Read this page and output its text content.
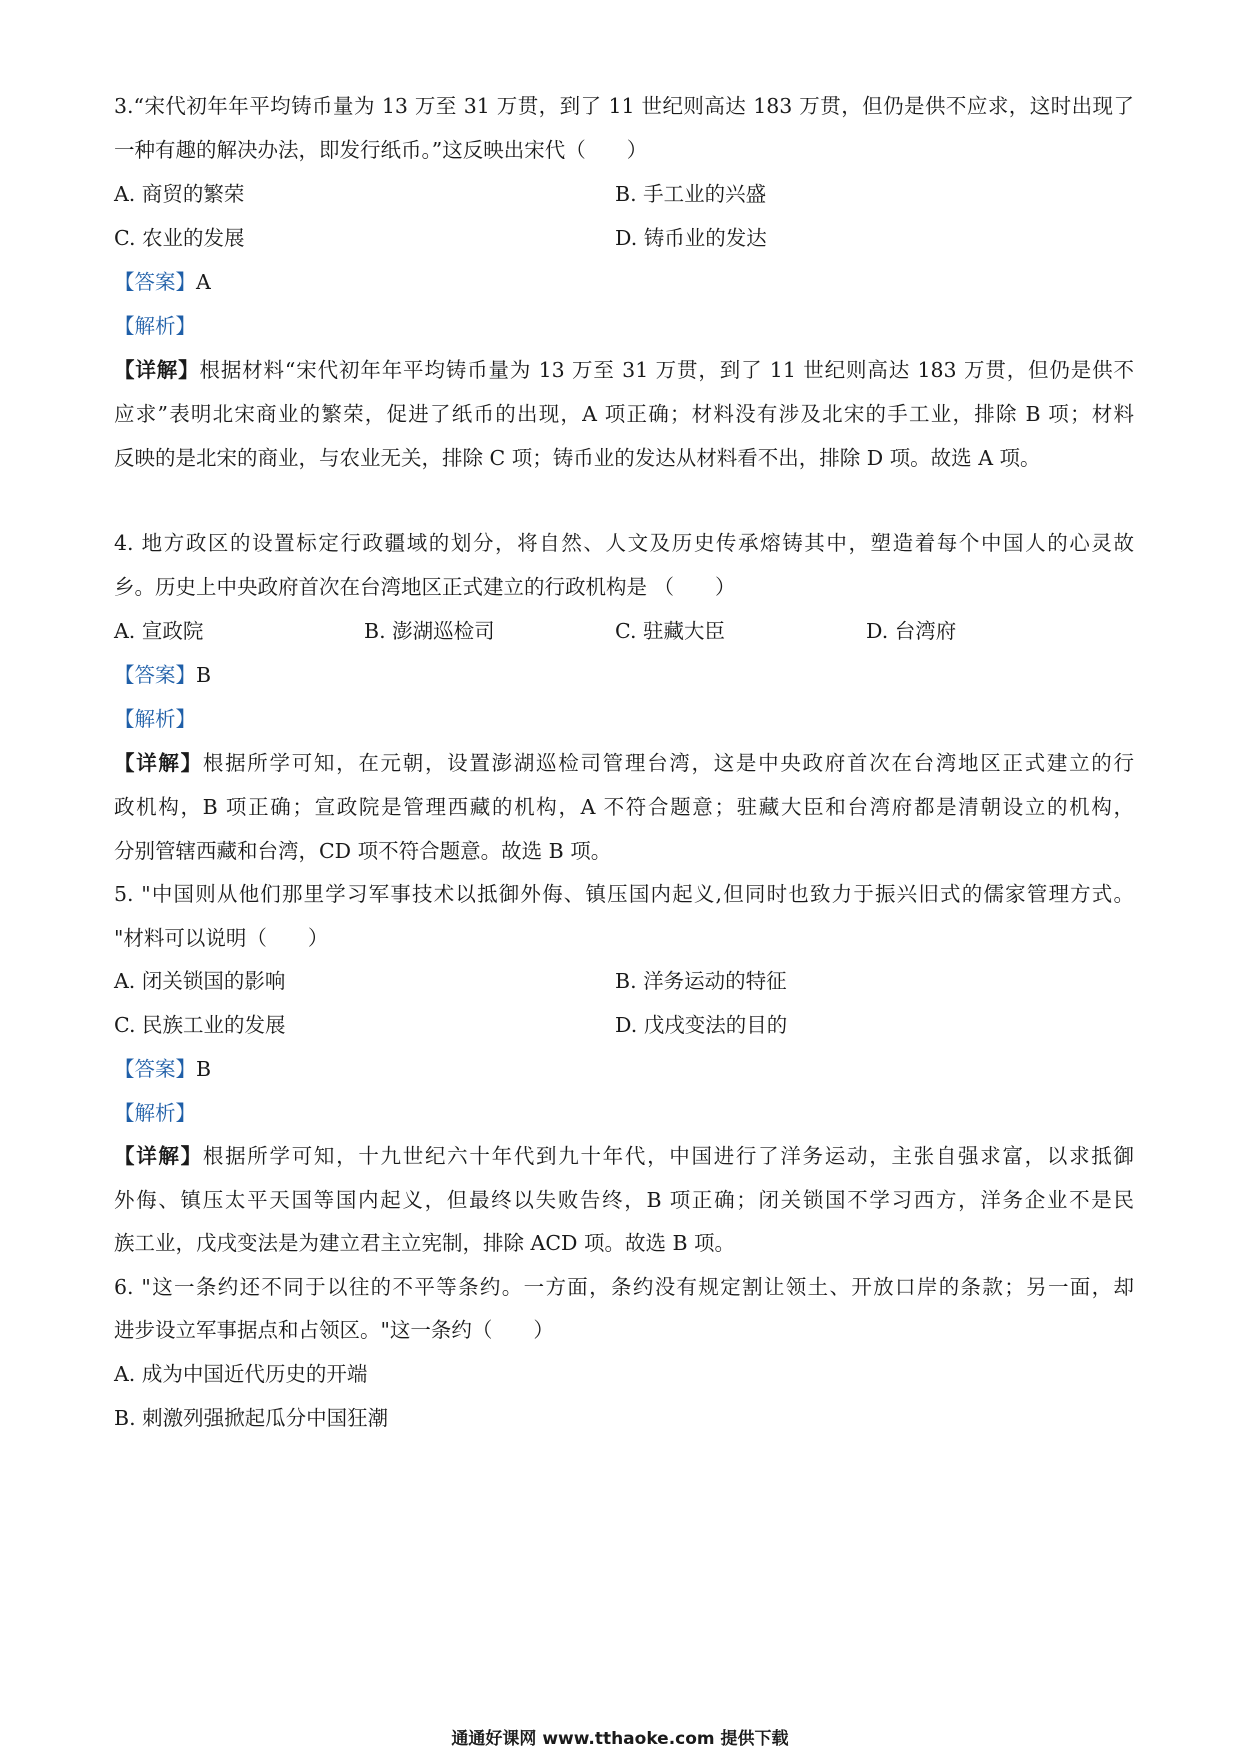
3.“宋代初年年平均铸币量为 13 万至 31 万贯，到了 11 世纪则高达 183 万贯，但仍是供不应求，这时出现了
一种有趣的解决办法，即发行纸币。”这反映出宋代（　　）
A. 商贸的繁荣	B. 手工业的兴盛
C. 农业的发展	D. 铸币业的发达
【答案】A
【解析】
【详解】根据材料“宋代初年年平均铸币量为 13 万至 31 万贯，到了 11 世纪则高达 183 万贯，但仍是供不
应求”表明北宋商业的繁荣，促进了纸币的出现，A 项正确；材料没有涉及北宋的手工业，排除 B 项；材料
反映的是北宋的商业，与农业无关，排除 C 项；铸币业的发达从材料看不出，排除 D 项。故选 A 项。
4. 地方政区的设置标定行政疆域的划分，将自然、人文及历史传承熔铸其中，塑造着每个中国人的心灵故
乡。历史上中央政府首次在台湾地区正式建立的行政机构是 （　　）
A. 宣政院	B. 澎湖巡检司	C. 驻藏大臣	D. 台湾府
【答案】B
【解析】
【详解】根据所学可知，在元朝，设置澎湖巡检司管理台湾，这是中央政府首次在台湾地区正式建立的行
政机构，B 项正确；宣政院是管理西藏的机构，A 不符合题意；驻藏大臣和台湾府都是清朝设立的机构，
分别管辖西藏和台湾，CD 项不符合题意。故选 B 项。
5. "中国则从他们那里学习军事技术以抵御外侮、镇压国内起义,但同时也致力于振兴旧式的儒家管理方式。
"材料可以说明（　　）
A. 闭关锁国的影响	B. 洋务运动的特征
C. 民族工业的发展	D. 戊戌变法的目的
【答案】B
【解析】
【详解】根据所学可知，十九世纪六十年代到九十年代，中国进行了洋务运动，主张自强求富，以求抵御
外侮、镇压太平天国等国内起义，但最终以失败告终，B 项正确；闭关锁国不学习西方，洋务企业不是民
族工业，戊戌变法是为建立君主立宪制，排除 ACD 项。故选 B 项。
6. "这一条约还不同于以往的不平等条约。一方面，条约没有规定割让领土、开放口岸的条款；另一面，却
进步设立军事据点和占领区。"这一条约（　　）
A. 成为中国近代历史的开端
B. 刺激列强掀起瓜分中国狂潮
通通好课网 www.tthaoke.com 提供下载
